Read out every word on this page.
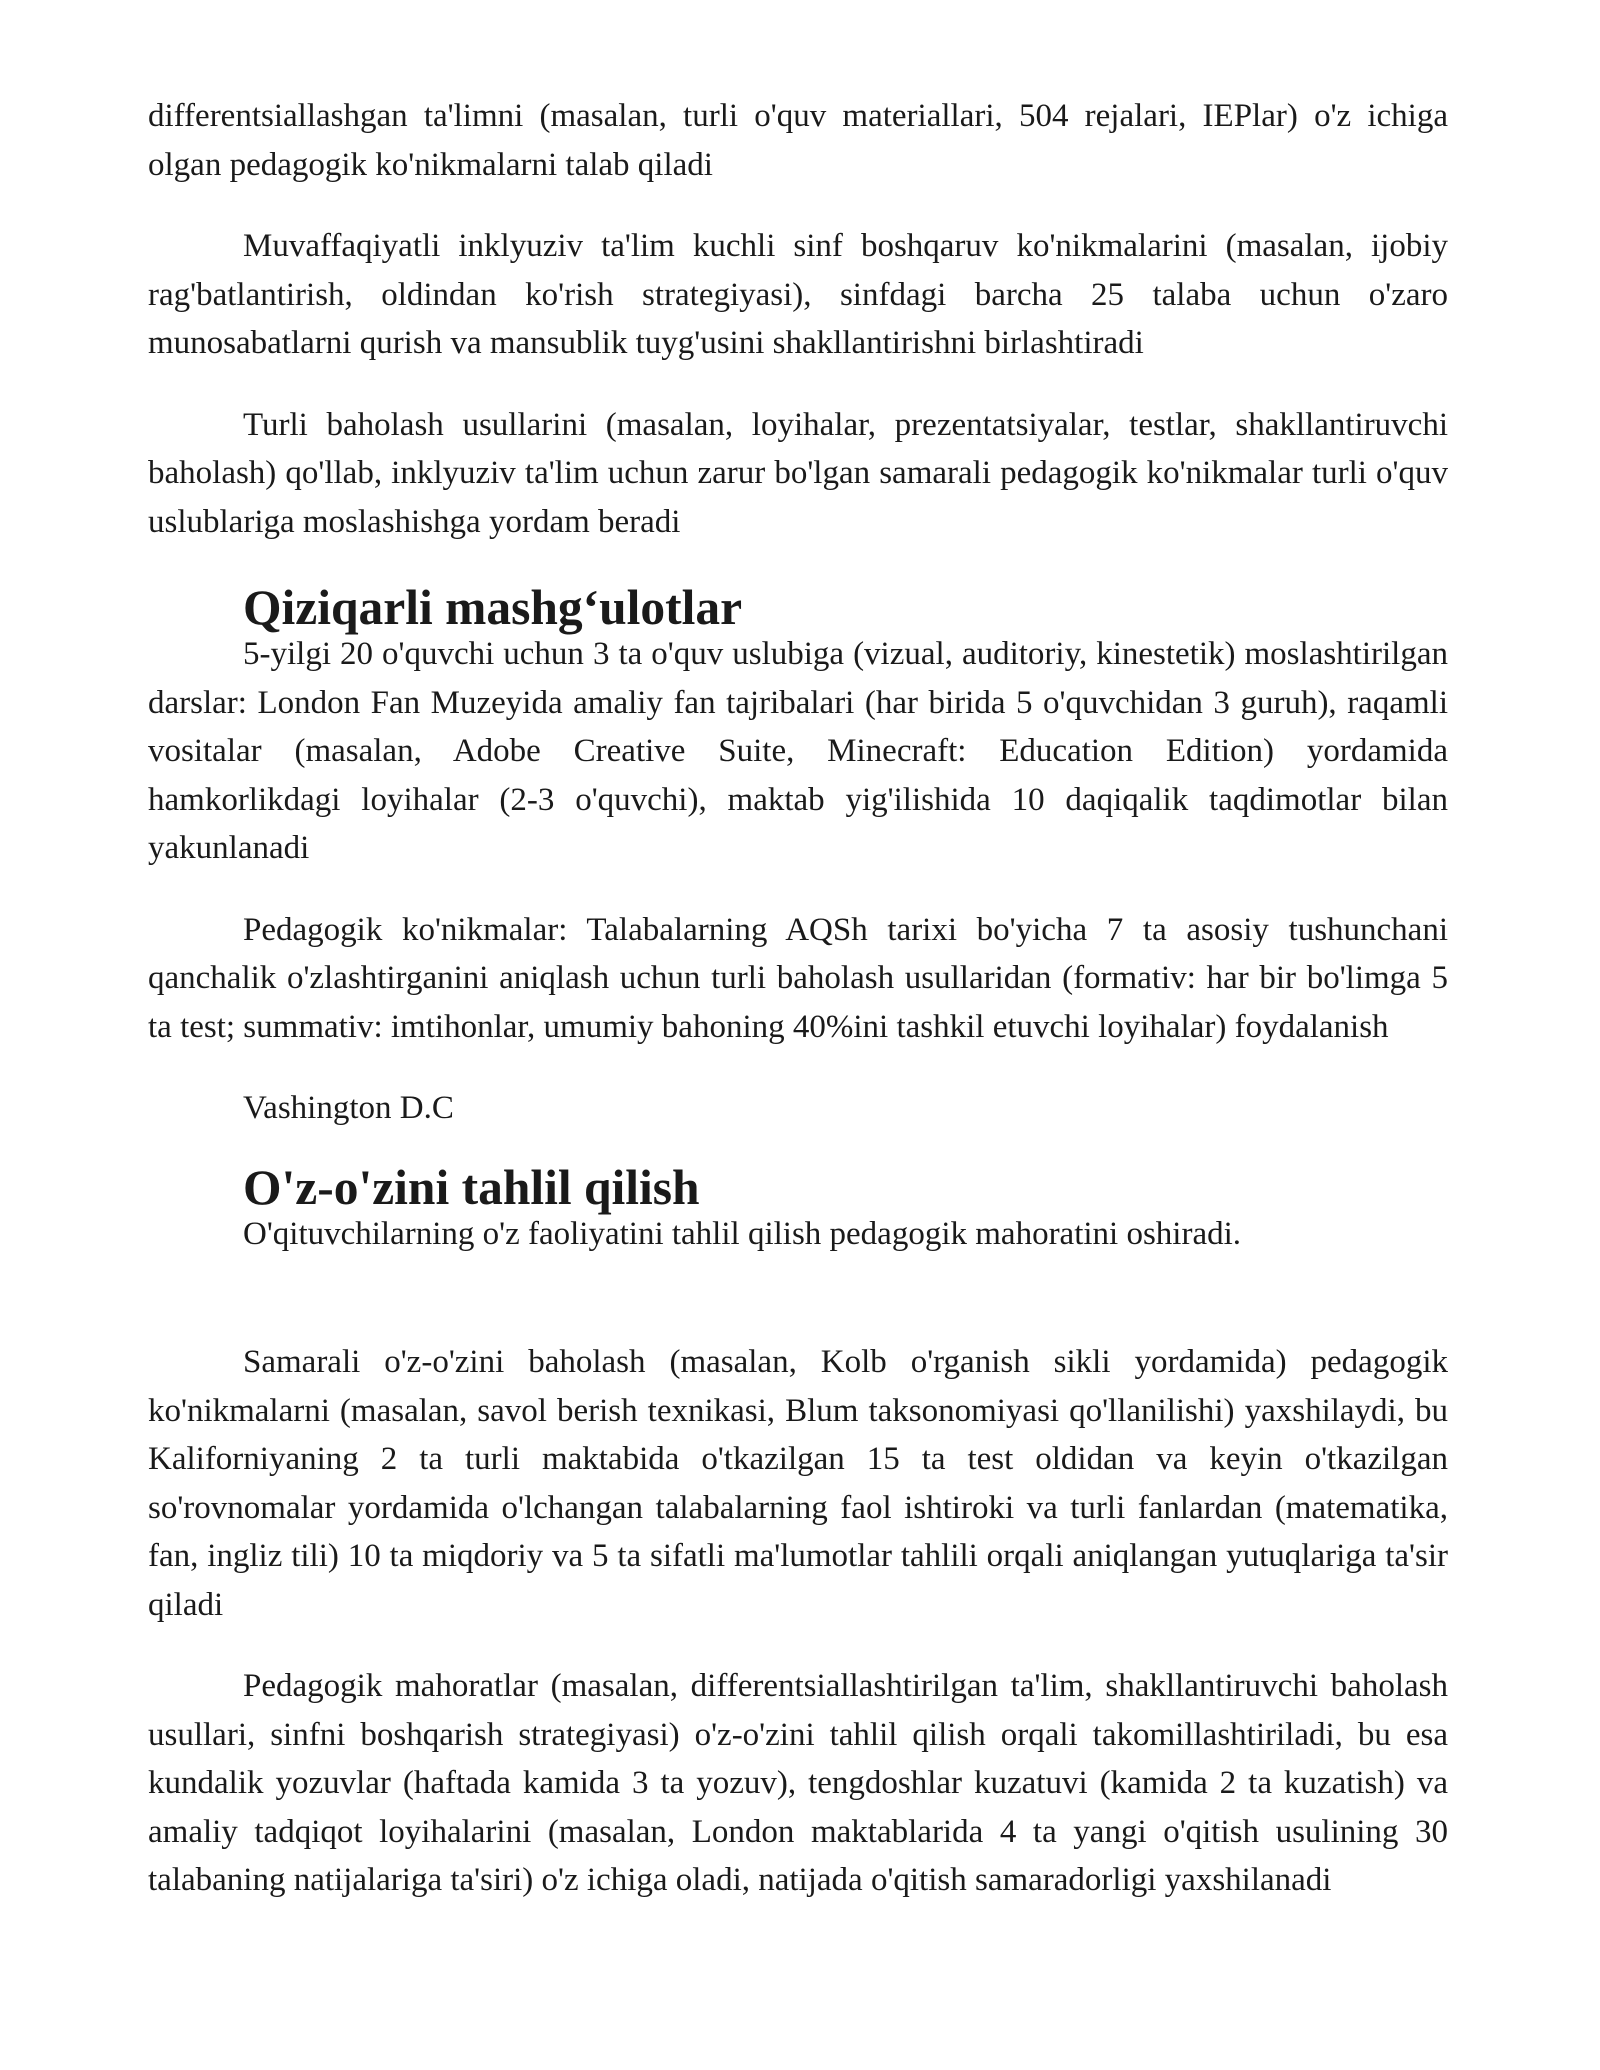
differentsiallashgan ta'limni (masalan, turli o'quv materiallari, 504 rejalari, IEPlar) o'z ichiga olgan pedagogik ko'nikmalarni talab qiladi

Muvaffaqiyatli inklyuziv ta'lim kuchli sinf boshqaruv ko'nikmalarini (masalan, ijobiy rag'batlantirish, oldindan ko'rish strategiyasi), sinfdagi barcha 25 talaba uchun o'zaro munosabatlarni qurish va mansublik tuyg'usini shakllantirishni birlashtiradi

Turli baholash usullarini (masalan, loyihalar, prezentatsiyalar, testlar, shakllantiruvchi baholash) qo'llab, inklyuziv ta'lim uchun zarur bo'lgan samarali pedagogik ko'nikmalar turli o'quv uslublariga moslashishga yordam beradi

Qiziqarli mashg‘ulotlar

5-yilgi 20 o'quvchi uchun 3 ta o'quv uslubiga (vizual, auditoriy, kinestetik) moslashtirilgan darslar: London Fan Muzeyida amaliy fan tajribalari (har birida 5 o'quvchidan 3 guruh), raqamli vositalar (masalan, Adobe Creative Suite, Minecraft: Education Edition) yordamida hamkorlikdagi loyihalar (2-3 o'quvchi), maktab yig'ilishida 10 daqiqalik taqdimotlar bilan yakunlanadi

Pedagogik ko'nikmalar: Talabalarning AQSh tarixi bo'yicha 7 ta asosiy tushunchani qanchalik o'zlashtirganini aniqlash uchun turli baholash usullaridan (formativ: har bir bo'limga 5 ta test; summativ: imtihonlar, umumiy bahoning 40%ini tashkil etuvchi loyihalar) foydalanish

Vashington D.C

O'z-o'zini tahlil qilish

O'qituvchilarning o'z faoliyatini tahlil qilish pedagogik mahoratini oshiradi.

Samarali o'z-o'zini baholash (masalan, Kolb o'rganish sikli yordamida) pedagogik ko'nikmalarni (masalan, savol berish texnikasi, Blum taksonomiyasi qo'llanilishi) yaxshilaydi, bu Kaliforniyaning 2 ta turli maktabida o'tkazilgan 15 ta test oldidan va keyin o'tkazilgan so'rovnomalar yordamida o'lchangan talabalarning faol ishtiroki va turli fanlardan (matematika, fan, ingliz tili) 10 ta miqdoriy va 5 ta sifatli ma'lumotlar tahlili orqali aniqlangan yutuqlariga ta'sir qiladi

Pedagogik mahoratlar (masalan, differentsiallashtirilgan ta'lim, shakllantiruvchi baholash usullari, sinfni boshqarish strategiyasi) o'z-o'zini tahlil qilish orqali takomillashtiriladi, bu esa kundalik yozuvlar (haftada kamida 3 ta yozuv), tengdoshlar kuzatuvi (kamida 2 ta kuzatish) va amaliy tadqiqot loyihalarini (masalan, London maktablarida 4 ta yangi o'qitish usulining 30 talabaning natijalariga ta'siri) o'z ichiga oladi, natijada o'qitish samaradorligi yaxshilanadi
